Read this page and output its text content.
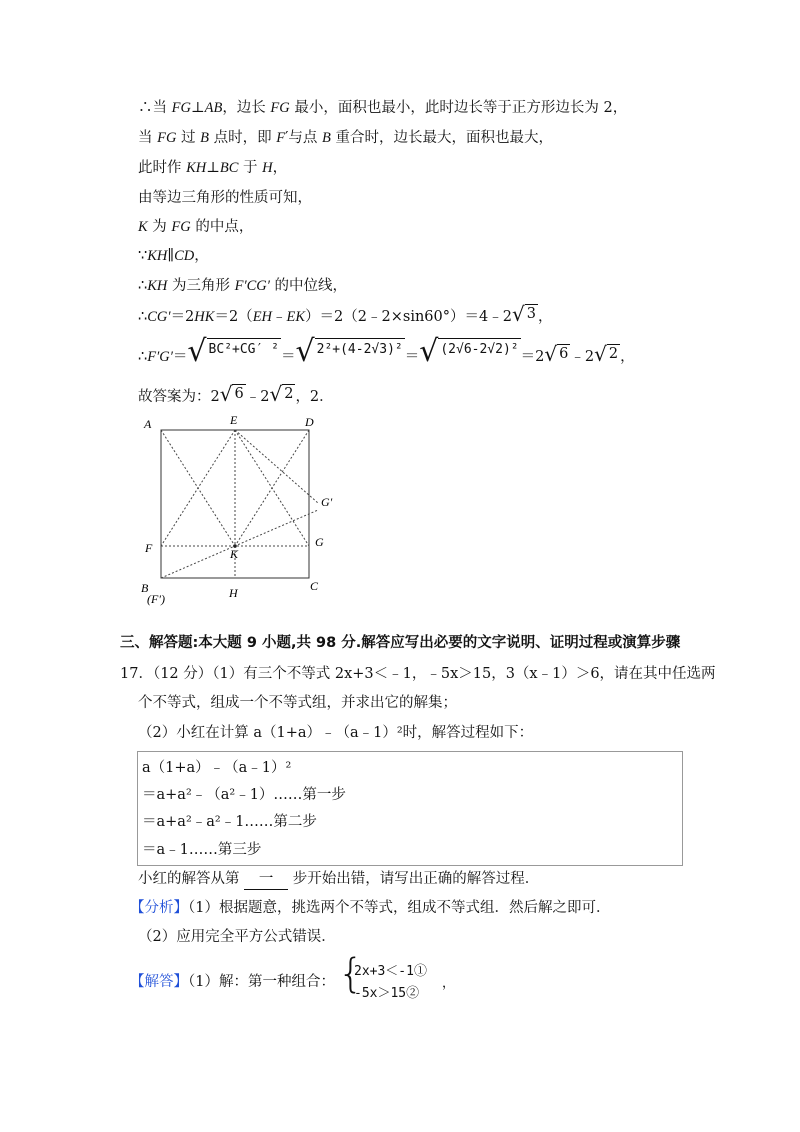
∴当 FG⊥AB，边长 FG 最小，面积也最小，此时边长等于正方形边长为 2，
当 FG 过 B 点时，即 F′与点 B 重合时，边长最大，面积也最大，
此时作 KH⊥BC 于 H，
由等边三角形的性质可知，
K 为 FG 的中点，
∵KH∥CD，
∴KH 为三角形 F′CG′ 的中位线，
∴CG′＝2HK＝2（EH﹣EK）＝2（2﹣2×sin60°）＝4﹣2 √ 3 ，
∴F′G′＝ √ BC²+CG′ ² ＝ √ 2²+(4-2√3)² ＝ √ (2√6-2√2)² ＝2 √ 6 ﹣2 √ 2 ，
故答案为：2 √ 6 ﹣2 √ 2 ，2．
A	E	D
G′
F	K
G
B
(F′)	H	C
三、解答题:本大题 9 小题,共 98 分.解答应写出必要的文字说明、证明过程或演算步骤
17．（12 分）（1）有三个不等式 2x+3＜﹣1，﹣5x＞15，3（x﹣1）＞6，请在其中任选两
个不等式，组成一个不等式组，并求出它的解集；
（2）小红在计算 a（1+a）﹣（a﹣1）²时，解答过程如下：
a（1+a）﹣（a﹣1）²
＝a+a²﹣（a²﹣1）……第一步
＝a+a²﹣a²﹣1……第二步
＝a﹣1……第三步
小红的解答从第 一 步开始出错，请写出正确的解答过程．
【分析】（1）根据题意，挑选两个不等式，组成不等式组．然后解之即可．
（2）应用完全平方公式错误．
【解答】（1）解：第一种组合： {
2x+3＜-1①
-5x＞15②
，
